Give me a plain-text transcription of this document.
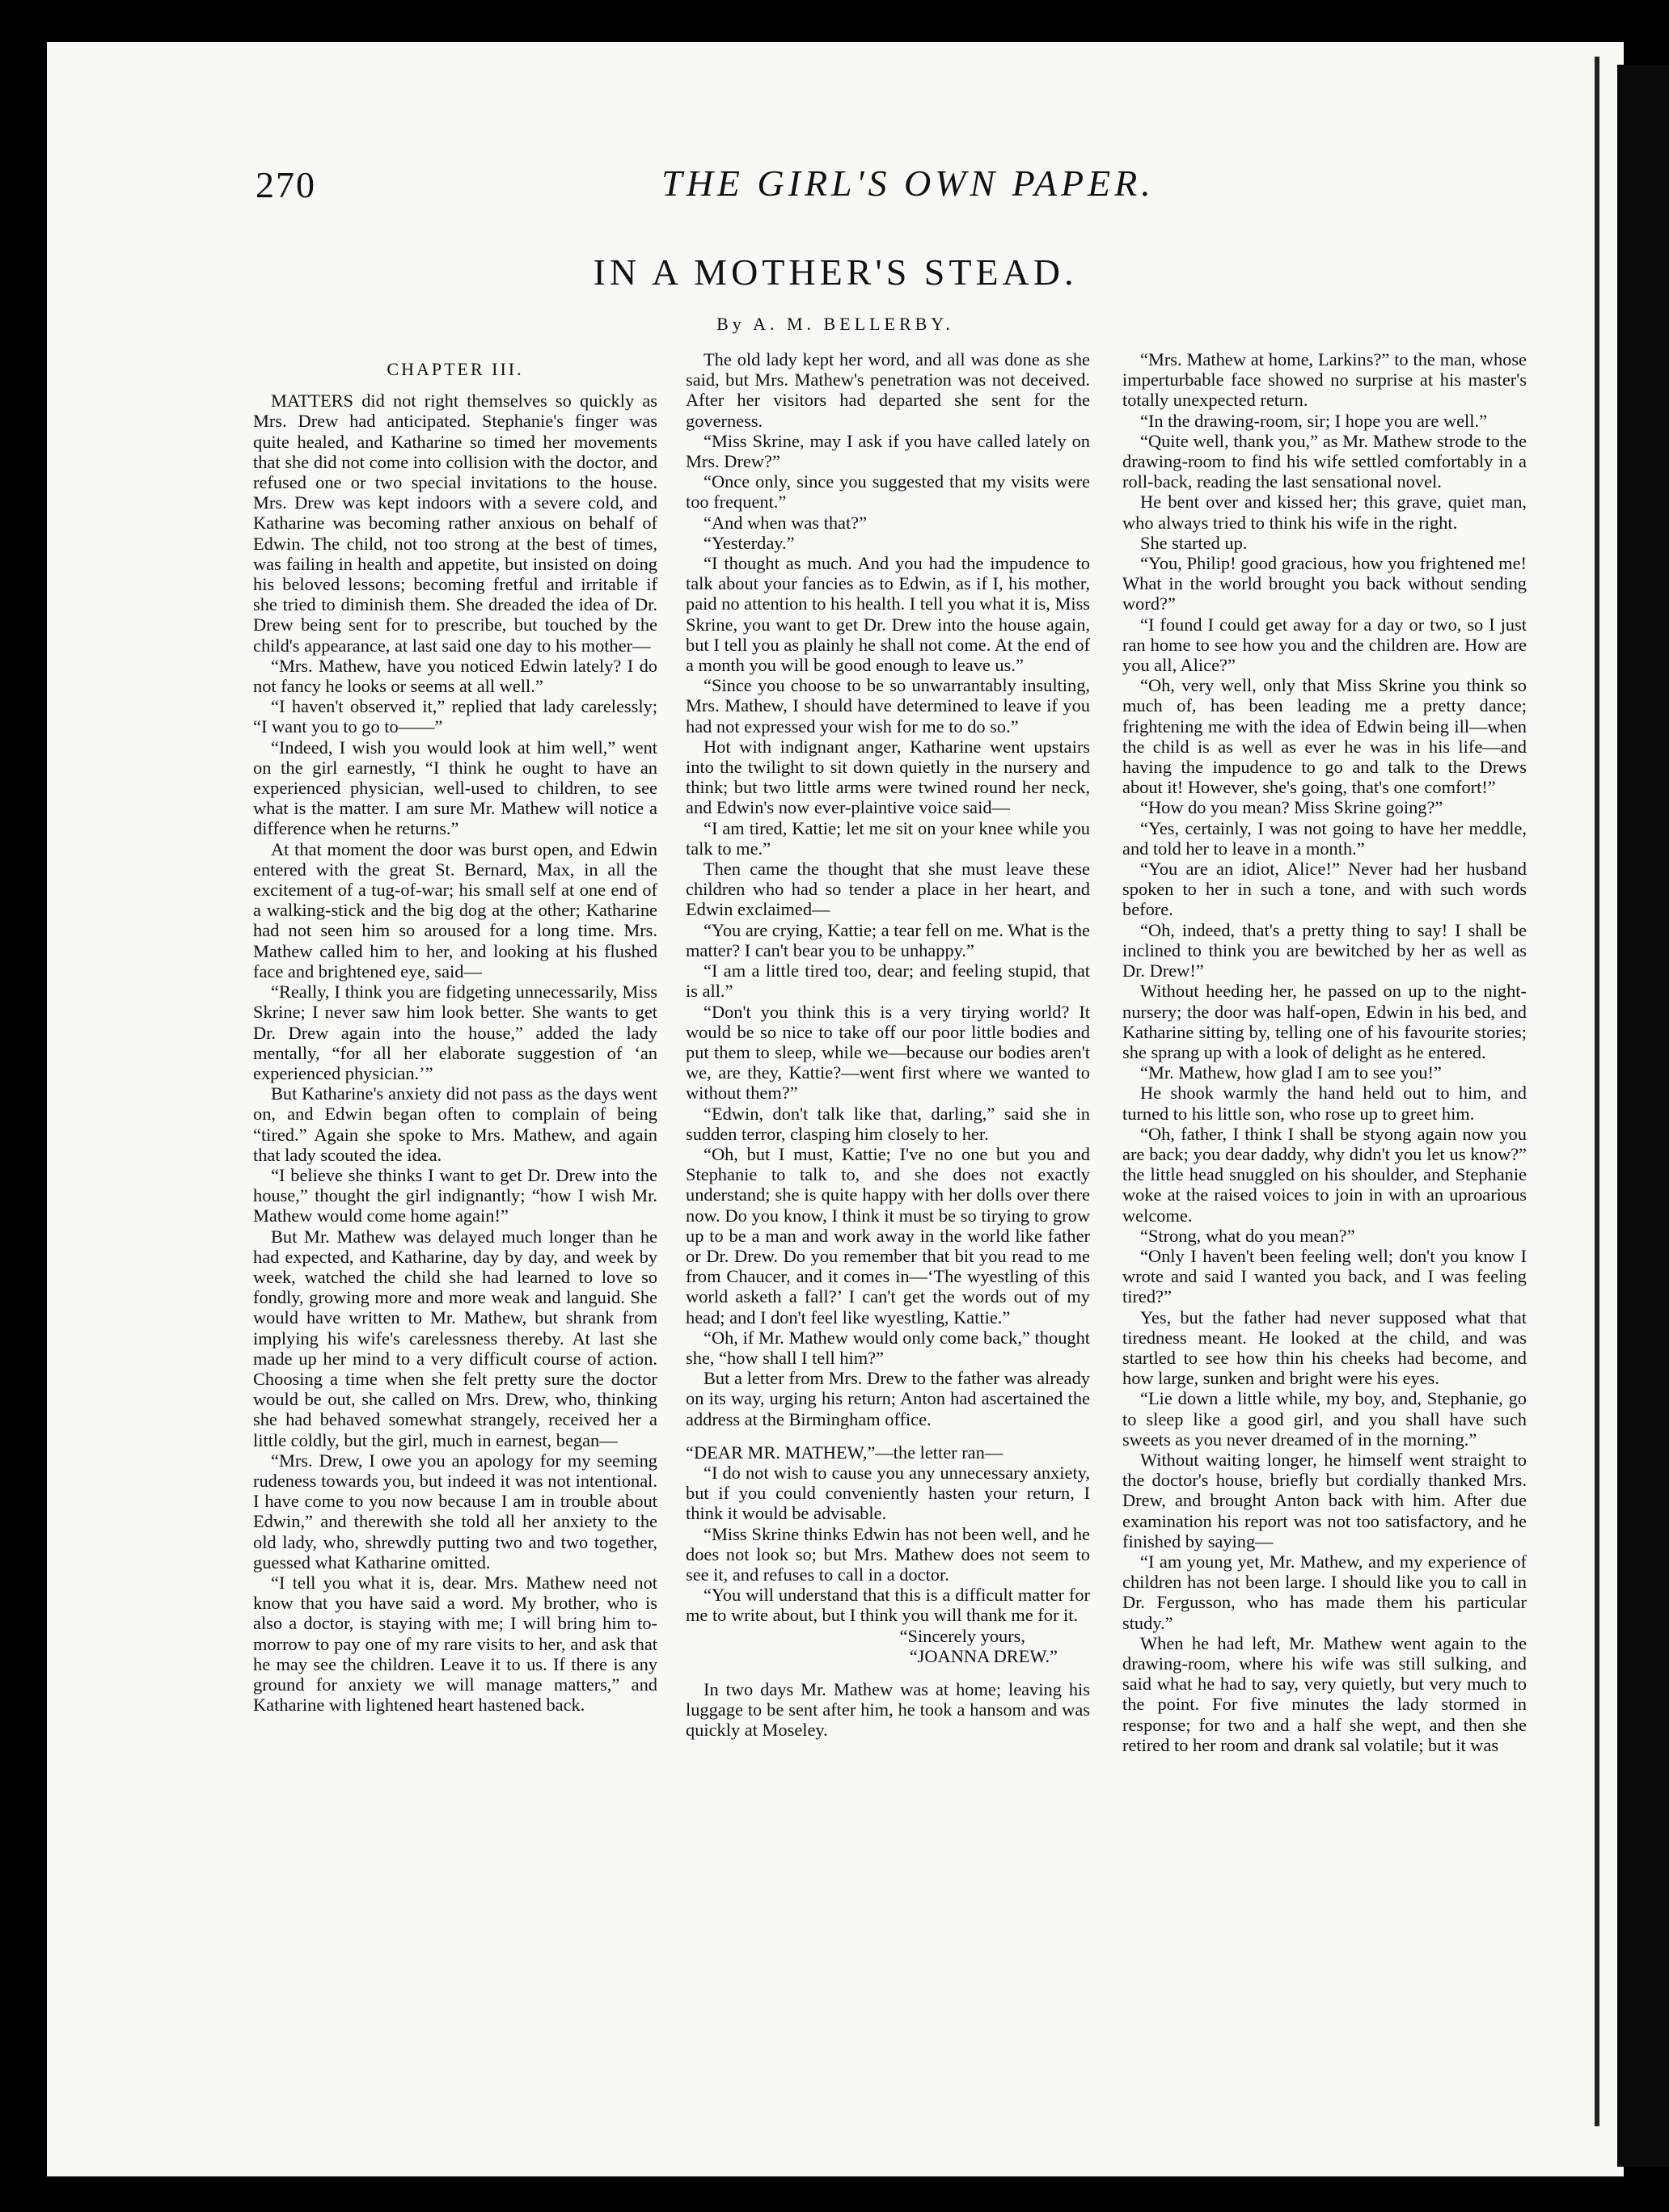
270	THE GIRL'S OWN PAPER.
IN A MOTHER'S STEAD.
By A. M. BELLERBY.
CHAPTER III.

MATTERS did not right themselves so quickly as Mrs. Drew had anticipated. Stephanie's finger was quite healed, and Katharine so timed her movements that she did not come into collision with the doctor, and refused one or two special invitations to the house. Mrs. Drew was kept indoors with a severe cold, and Katharine was becoming rather anxious on behalf of Edwin. The child, not too strong at the best of times, was failing in health and appetite, but insisted on doing his beloved lessons; becoming fretful and irritable if she tried to diminish them. She dreaded the idea of Dr. Drew being sent for to prescribe, but touched by the child's appearance, at last said one day to his mother—

“Mrs. Mathew, have you noticed Edwin lately? I do not fancy he looks or seems at all well.”

“I haven't observed it,” replied that lady carelessly; “I want you to go to——”

“Indeed, I wish you would look at him well,” went on the girl earnestly, “I think he ought to have an experienced physician, well-used to children, to see what is the matter. I am sure Mr. Mathew will notice a difference when he returns.”

At that moment the door was burst open, and Edwin entered with the great St. Bernard, Max, in all the excitement of a tug-of-war; his small self at one end of a walking-stick and the big dog at the other; Katharine had not seen him so aroused for a long time. Mrs. Mathew called him to her, and looking at his flushed face and brightened eye, said—

“Really, I think you are fidgeting unnecessarily, Miss Skrine; I never saw him look better. She wants to get Dr. Drew again into the house,” added the lady mentally, “for all her elaborate suggestion of ‘an experienced physician.’”

But Katharine's anxiety did not pass as the days went on, and Edwin began often to complain of being “tired.” Again she spoke to Mrs. Mathew, and again that lady scouted the idea.

“I believe she thinks I want to get Dr. Drew into the house,” thought the girl indignantly; “how I wish Mr. Mathew would come home again!”

But Mr. Mathew was delayed much longer than he had expected, and Katharine, day by day, and week by week, watched the child she had learned to love so fondly, growing more and more weak and languid. She would have written to Mr. Mathew, but shrank from implying his wife's carelessness thereby. At last she made up her mind to a very difficult course of action. Choosing a time when she felt pretty sure the doctor would be out, she called on Mrs. Drew, who, thinking she had behaved somewhat strangely, received her a little coldly, but the girl, much in earnest, began—

“Mrs. Drew, I owe you an apology for my seeming rudeness towards you, but indeed it was not intentional. I have come to you now because I am in trouble about Edwin,” and therewith she told all her anxiety to the old lady, who, shrewdly putting two and two together, guessed what Katharine omitted.

“I tell you what it is, dear. Mrs. Mathew need not know that you have said a word. My brother, who is also a doctor, is staying with me; I will bring him to-morrow to pay one of my rare visits to her, and ask that he may see the children. Leave it to us. If there is any ground for anxiety we will manage matters,” and Katharine with lightened heart hastened back.

The old lady kept her word, and all was done as she said, but Mrs. Mathew's penetration was not deceived. After her visitors had departed she sent for the governess.

“Miss Skrine, may I ask if you have called lately on Mrs. Drew?”

“Once only, since you suggested that my visits were too frequent.”

“And when was that?”

“Yesterday.”

“I thought as much. And you had the impudence to talk about your fancies as to Edwin, as if I, his mother, paid no attention to his health. I tell you what it is, Miss Skrine, you want to get Dr. Drew into the house again, but I tell you as plainly he shall not come. At the end of a month you will be good enough to leave us.”

“Since you choose to be so unwarrantably insulting, Mrs. Mathew, I should have determined to leave if you had not expressed your wish for me to do so.”

Hot with indignant anger, Katharine went upstairs into the twilight to sit down quietly in the nursery and think; but two little arms were twined round her neck, and Edwin's now ever-plaintive voice said—

“I am tired, Kattie; let me sit on your knee while you talk to me.”

Then came the thought that she must leave these children who had so tender a place in her heart, and Edwin exclaimed—

“You are crying, Kattie; a tear fell on me. What is the matter? I can't bear you to be unhappy.”

“I am a little tired too, dear; and feeling stupid, that is all.”

“Don't you think this is a very tirying world? It would be so nice to take off our poor little bodies and put them to sleep, while we—because our bodies aren't we, are they, Kattie?—went first where we wanted to without them?”

“Edwin, don't talk like that, darling,” said she in sudden terror, clasping him closely to her.

“Oh, but I must, Kattie; I've no one but you and Stephanie to talk to, and she does not exactly understand; she is quite happy with her dolls over there now. Do you know, I think it must be so tirying to grow up to be a man and work away in the world like father or Dr. Drew. Do you remember that bit you read to me from Chaucer, and it comes in—‘The wyestling of this world asketh a fall?’ I can't get the words out of my head; and I don't feel like wyestling, Kattie.”

“Oh, if Mr. Mathew would only come back,” thought she, “how shall I tell him?”

But a letter from Mrs. Drew to the father was already on its way, urging his return; Anton had ascertained the address at the Birmingham office.

“DEAR MR. MATHEW,”—the letter ran—

“I do not wish to cause you any unnecessary anxiety, but if you could conveniently hasten your return, I think it would be advisable.

“Miss Skrine thinks Edwin has not been well, and he does not look so; but Mrs. Mathew does not seem to see it, and refuses to call in a doctor.

“You will understand that this is a difficult matter for me to write about, but I think you will thank me for it.

“Sincerely yours,

“JOANNA DREW.”

In two days Mr. Mathew was at home; leaving his luggage to be sent after him, he took a hansom and was quickly at Moseley.

“Mrs. Mathew at home, Larkins?” to the man, whose imperturbable face showed no surprise at his master's totally unexpected return.

“In the drawing-room, sir; I hope you are well.”

“Quite well, thank you,” as Mr. Mathew strode to the drawing-room to find his wife settled comfortably in a roll-back, reading the last sensational novel.

He bent over and kissed her; this grave, quiet man, who always tried to think his wife in the right.

She started up.

“You, Philip! good gracious, how you frightened me! What in the world brought you back without sending word?”

“I found I could get away for a day or two, so I just ran home to see how you and the children are. How are you all, Alice?”

“Oh, very well, only that Miss Skrine you think so much of, has been leading me a pretty dance; frightening me with the idea of Edwin being ill—when the child is as well as ever he was in his life—and having the impudence to go and talk to the Drews about it! However, she's going, that's one comfort!”

“How do you mean? Miss Skrine going?”

“Yes, certainly, I was not going to have her meddle, and told her to leave in a month.”

“You are an idiot, Alice!” Never had her husband spoken to her in such a tone, and with such words before.

“Oh, indeed, that's a pretty thing to say! I shall be inclined to think you are bewitched by her as well as Dr. Drew!”

Without heeding her, he passed on up to the night-nursery; the door was half-open, Edwin in his bed, and Katharine sitting by, telling one of his favourite stories; she sprang up with a look of delight as he entered.

“Mr. Mathew, how glad I am to see you!”

He shook warmly the hand held out to him, and turned to his little son, who rose up to greet him.

“Oh, father, I think I shall be styong again now you are back; you dear daddy, why didn't you let us know?” the little head snuggled on his shoulder, and Stephanie woke at the raised voices to join in with an uproarious welcome.

“Strong, what do you mean?”

“Only I haven't been feeling well; don't you know I wrote and said I wanted you back, and I was feeling tired?”

Yes, but the father had never supposed what that tiredness meant. He looked at the child, and was startled to see how thin his cheeks had become, and how large, sunken and bright were his eyes.

“Lie down a little while, my boy, and, Stephanie, go to sleep like a good girl, and you shall have such sweets as you never dreamed of in the morning.”

Without waiting longer, he himself went straight to the doctor's house, briefly but cordially thanked Mrs. Drew, and brought Anton back with him. After due examination his report was not too satisfactory, and he finished by saying—

“I am young yet, Mr. Mathew, and my experience of children has not been large. I should like you to call in Dr. Fergusson, who has made them his particular study.”

When he had left, Mr. Mathew went again to the drawing-room, where his wife was still sulking, and said what he had to say, very quietly, but very much to the point. For five minutes the lady stormed in response; for two and a half she wept, and then she retired to her room and drank sal volatile; but it was
